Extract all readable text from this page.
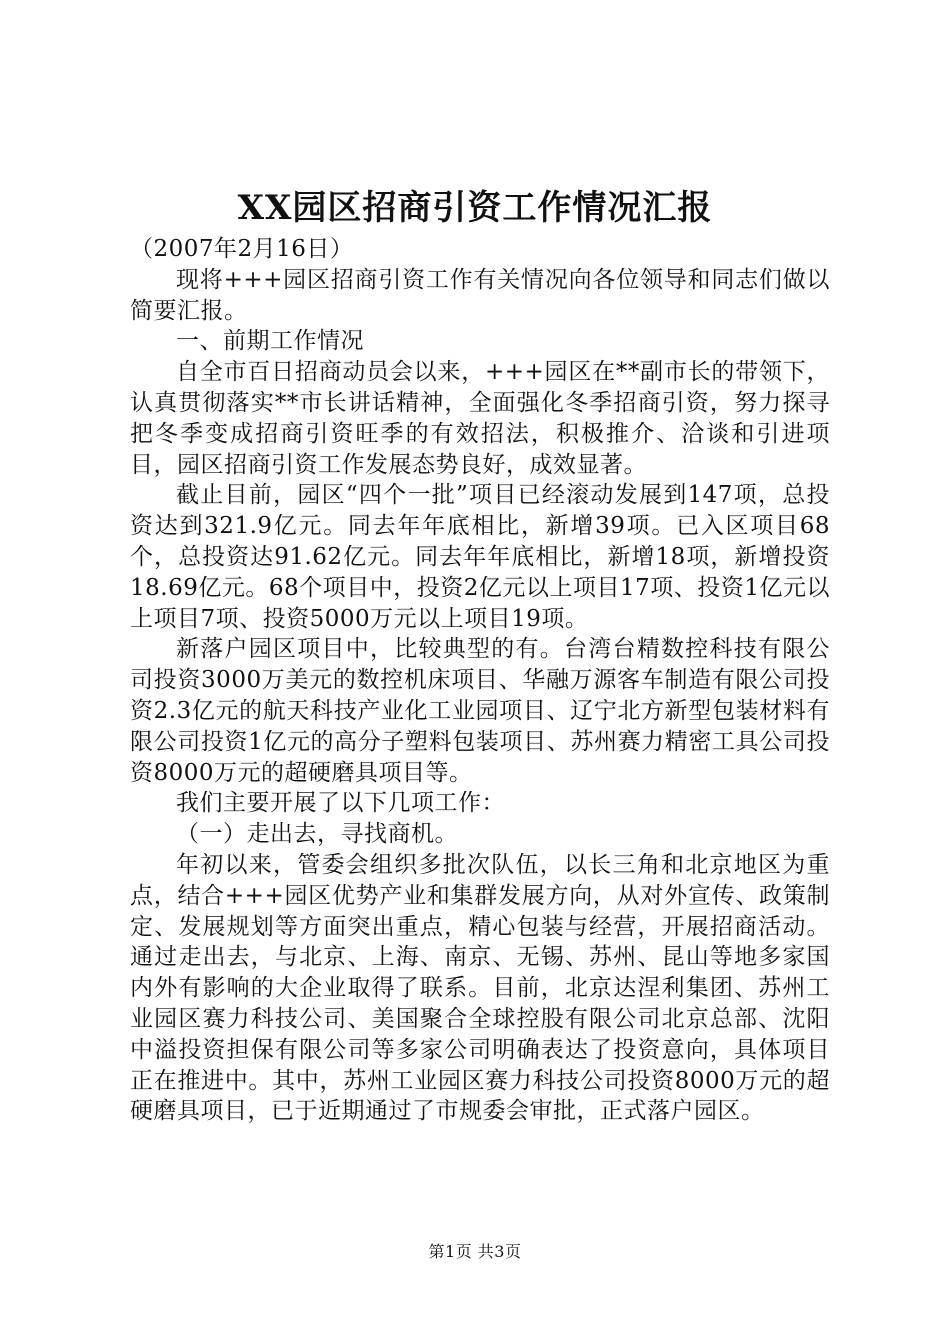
XX园区招商引资工作情况汇报

（2007年2月16日）

现将+++园区招商引资工作有关情况向各位领导和同志们做以简要汇报。

一、前期工作情况

自全市百日招商动员会以来，+++园区在**副市长的带领下，认真贯彻落实**市长讲话精神，全面强化冬季招商引资，努力探寻把冬季变成招商引资旺季的有效招法，积极推介、洽谈和引进项目，园区招商引资工作发展态势良好，成效显著。

截止目前，园区“四个一批”项目已经滚动发展到147项，总投资达到321.9亿元。同去年年底相比，新增39项。已入区项目68个，总投资达91.62亿元。同去年年底相比，新增18项，新增投资18.69亿元。68个项目中，投资2亿元以上项目17项、投资1亿元以上项目7项、投资5000万元以上项目19项。

新落户园区项目中，比较典型的有。台湾台精数控科技有限公司投资3000万美元的数控机床项目、华融万源客车制造有限公司投资2.3亿元的航天科技产业化工业园项目、辽宁北方新型包装材料有限公司投资1亿元的高分子塑料包装项目、苏州赛力精密工具公司投资8000万元的超硬磨具项目等。

我们主要开展了以下几项工作：

（一）走出去，寻找商机。

年初以来，管委会组织多批次队伍，以长三角和北京地区为重点，结合+++园区优势产业和集群发展方向，从对外宣传、政策制定、发展规划等方面突出重点，精心包装与经营，开展招商活动。通过走出去，与北京、上海、南京、无锡、苏州、昆山等地多家国内外有影响的大企业取得了联系。目前，北京达涅利集团、苏州工业园区赛力科技公司、美国聚合全球控股有限公司北京总部、沈阳中溢投资担保有限公司等多家公司明确表达了投资意向，具体项目正在推进中。其中，苏州工业园区赛力科技公司投资8000万元的超硬磨具项目，已于近期通过了市规委会审批，正式落户园区。

第1页 共3页
